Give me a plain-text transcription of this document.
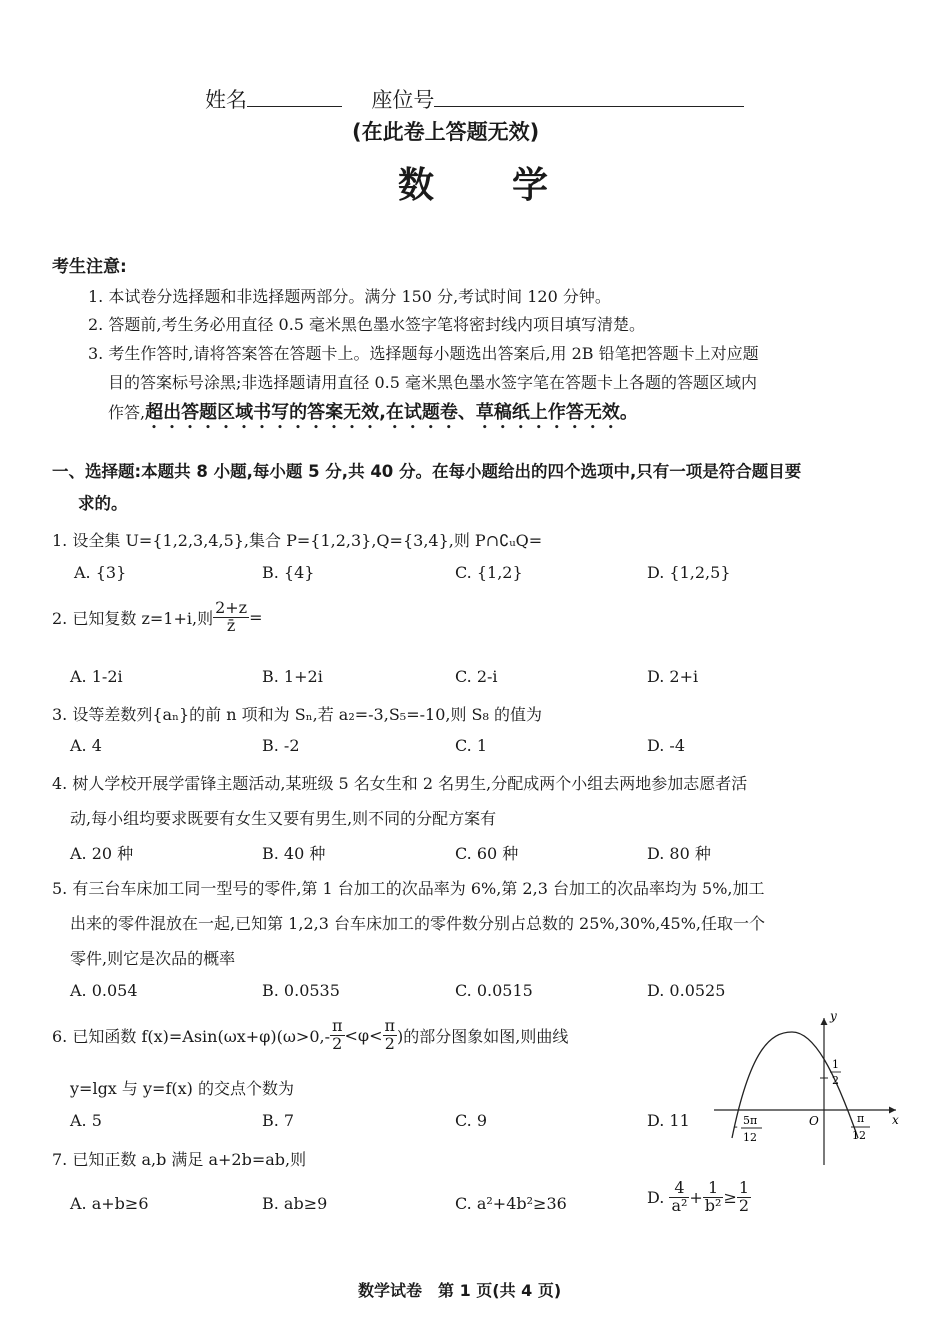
姓名	座位号
(在此卷上答题无效)
数　　学
考生注意:
1. 本试卷分选择题和非选择题两部分。满分 150 分,考试时间 120 分钟。
2. 答题前,考生务必用直径 0.5 毫米黑色墨水签字笔将密封线内项目填写清楚。
3. 考生作答时,请将答案答在答题卡上。选择题每小题选出答案后,用 2B 铅笔把答题卡上对应题
目的答案标号涂黑;非选择题请用直径 0.5 毫米黑色墨水签字笔在答题卡上各题的答题区域内
作答,超出答题区域书写的答案无效,在试题卷、草稿纸上作答无效。
一、选择题:本题共 8 小题,每小题 5 分,共 40 分。在每小题给出的四个选项中,只有一项是符合题目要
求的。
1. 设全集 U={1,2,3,4,5},集合 P={1,2,3},Q={3,4},则 P∩∁ᵤQ=
A. {3}	B. {4}	C. {1,2}	D. {1,2,5}
2. 已知复数 z=1+i,则 $\frac{2+z}{z̄}$ =
A. 1-2i	B. 1+2i	C. 2-i	D. 2+i
3. 设等差数列{aₙ}的前 n 项和为 Sₙ,若 a₂=-3,S₅=-10,则 S₈ 的值为
A. 4	B. -2	C. 1	D. -4
4. 树人学校开展学雷锋主题活动,某班级 5 名女生和 2 名男生,分配成两个小组去两地参加志愿者活
动,每小组均要求既要有女生又要有男生,则不同的分配方案有
A. 20 种	B. 40 种	C. 60 种	D. 80 种
5. 有三台车床加工同一型号的零件,第 1 台加工的次品率为 6%,第 2,3 台加工的次品率均为 5%,加工
出来的零件混放在一起,已知第 1,2,3 台车床加工的零件数分别占总数的 25%,30%,45%,任取一个
零件,则它是次品的概率
A. 0.054	B. 0.0535	C. 0.0515	D. 0.0525
6. 已知函数 $f(x)=Asin(\omega x+\varphi)(\omega>0,- \frac{\pi}{2} <\varphi< \frac{\pi}{2}$ )的部分图象如图,则曲线
y=lgx 与 y=f(x) 的交点个数为
A. 5	B. 7	C. 9	D. 11
y
x
O
- 5π
12
π
12
1
2
7. 已知正数 a,b 满足 a+2b=ab,则
A. a+b≥6	B. ab≥9	C. a²+4b²≥36	D. $\frac{4}{\text{a²}} + \frac{1}{\text{b²}} \ge \frac{1}{2}$
数学试卷　第 1 页(共 4 页)
